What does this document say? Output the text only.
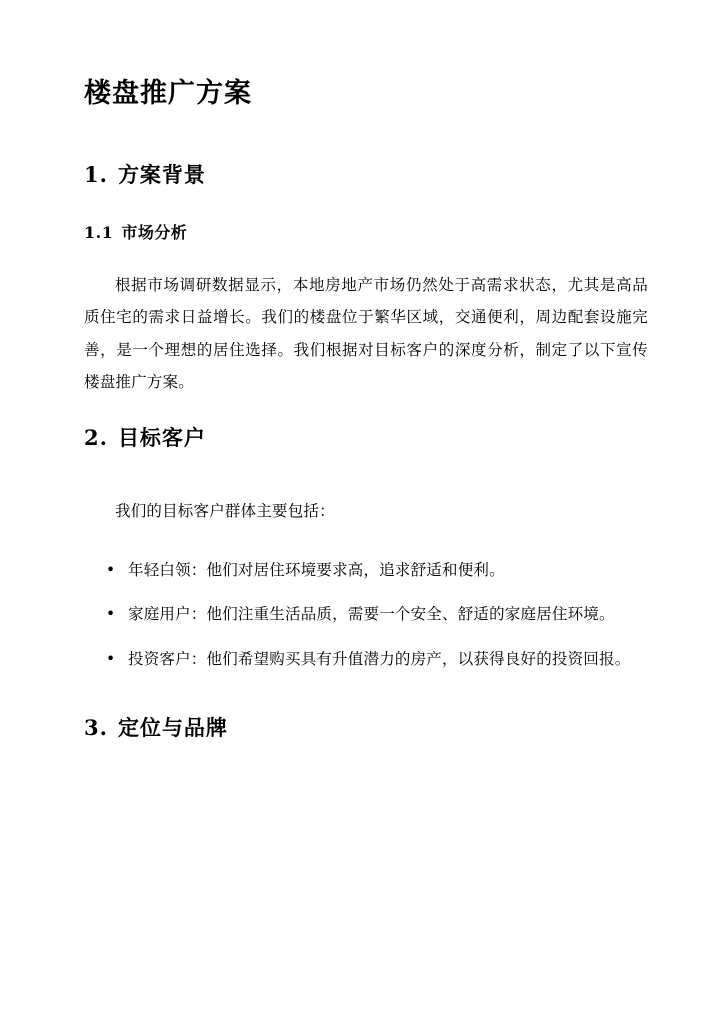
楼盘推广方案
1. 方案背景
1.1 市场分析

根据市场调研数据显示，本地房地产市场仍然处于高需求状态，尤其是高品质住宅的需求日益增长。我们的楼盘位于繁华区域，交通便利，周边配套设施完善，是一个理想的居住选择。我们根据对目标客户的深度分析，制定了以下宣传楼盘推广方案。

2. 目标客户

我们的目标客户群体主要包括：

• 年轻白领：他们对居住环境要求高，追求舒适和便利。
• 家庭用户：他们注重生活品质，需要一个安全、舒适的家庭居住环境。
• 投资客户：他们希望购买具有升值潜力的房产，以获得良好的投资回报。
3. 定位与品牌
